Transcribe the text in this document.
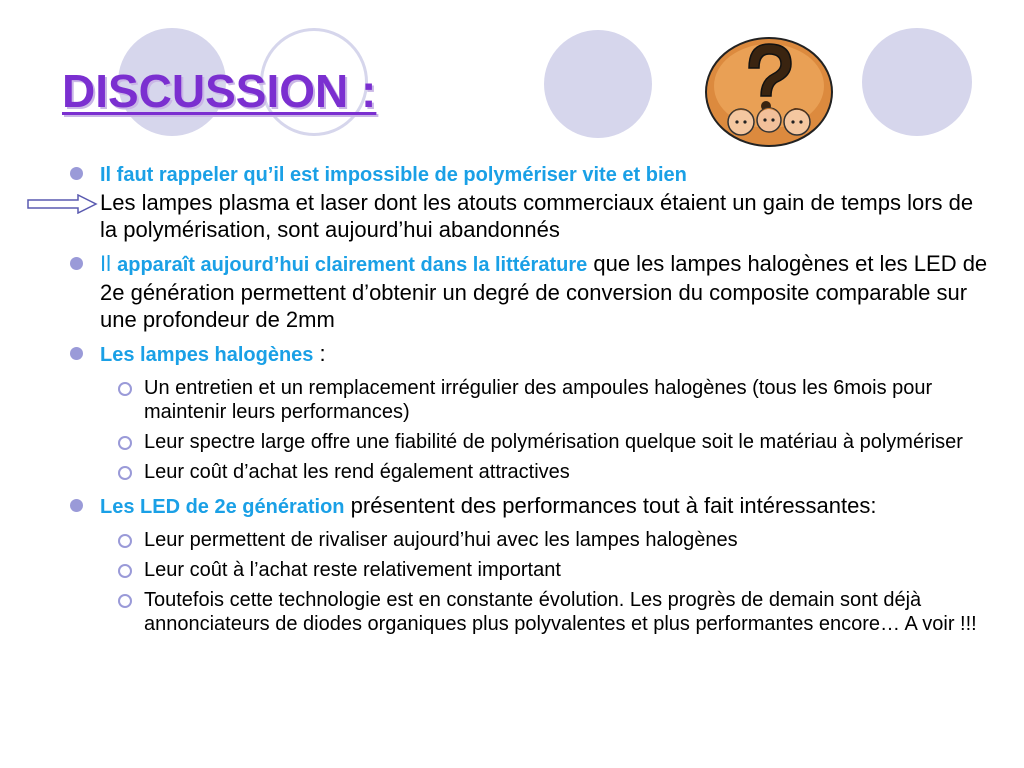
DISCUSSION :
Il faut rappeler qu’il est impossible de polymériser vite et bien
Les lampes plasma et laser dont les atouts commerciaux étaient un gain de temps lors de la polymérisation, sont aujourd’hui abandonnés
Il apparaît aujourd’hui clairement dans la littérature que les lampes halogènes et les LED de 2e génération permettent d’obtenir un degré de conversion du composite comparable sur une profondeur de 2mm
Les lampes halogènes :
Un entretien et un remplacement irrégulier des ampoules halogènes (tous les 6mois pour maintenir leurs performances)
Leur spectre large offre une fiabilité de polymérisation quelque soit le matériau à polymériser
Leur coût d’achat les rend également attractives
Les LED de 2e génération présentent des performances tout à fait intéressantes:
Leur permettent de rivaliser aujourd’hui avec les lampes halogènes
Leur coût à l’achat reste relativement important
Toutefois cette technologie est en constante évolution. Les progrès de demain sont déjà annonciateurs de diodes organiques plus polyvalentes et plus performantes encore… A voir !!!
